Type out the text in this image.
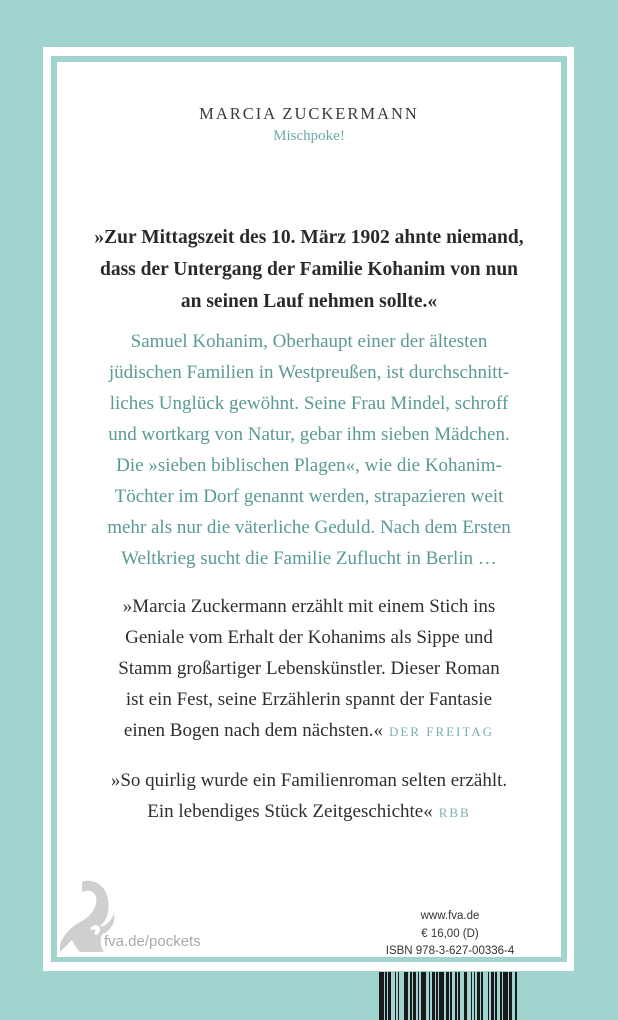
MARCIA ZUCKERMANN
Mischpoke!
»Zur Mittagszeit des 10. März 1902 ahnte niemand,
dass der Untergang der Familie Kohanim von nun
an seinen Lauf nehmen sollte.«
Samuel Kohanim, Oberhaupt einer der ältesten
jüdischen Familien in Westpreußen, ist durchschnitt-
liches Unglück gewöhnt. Seine Frau Mindel, schroff
und wortkarg von Natur, gebar ihm sieben Mädchen.
Die »sieben biblischen Plagen«, wie die Kohanim-
Töchter im Dorf genannt werden, strapazieren weit
mehr als nur die väterliche Geduld. Nach dem Ersten
Weltkrieg sucht die Familie Zuflucht in Berlin …
»Marcia Zuckermann erzählt mit einem Stich ins
Geniale vom Erhalt der Kohanims als Sippe und
Stamm großartiger Lebenskünstler. Dieser Roman
ist ein Fest, seine Erzählerin spannt der Fantasie
einen Bogen nach dem nächsten.« DER FREITAG
»So quirlig wurde ein Familienroman selten erzählt.
Ein lebendiges Stück Zeitgeschichte« RBB
fva.de/pockets
www.fva.de
€ 16,00 (D)
ISBN 978-3-627-00336-4
